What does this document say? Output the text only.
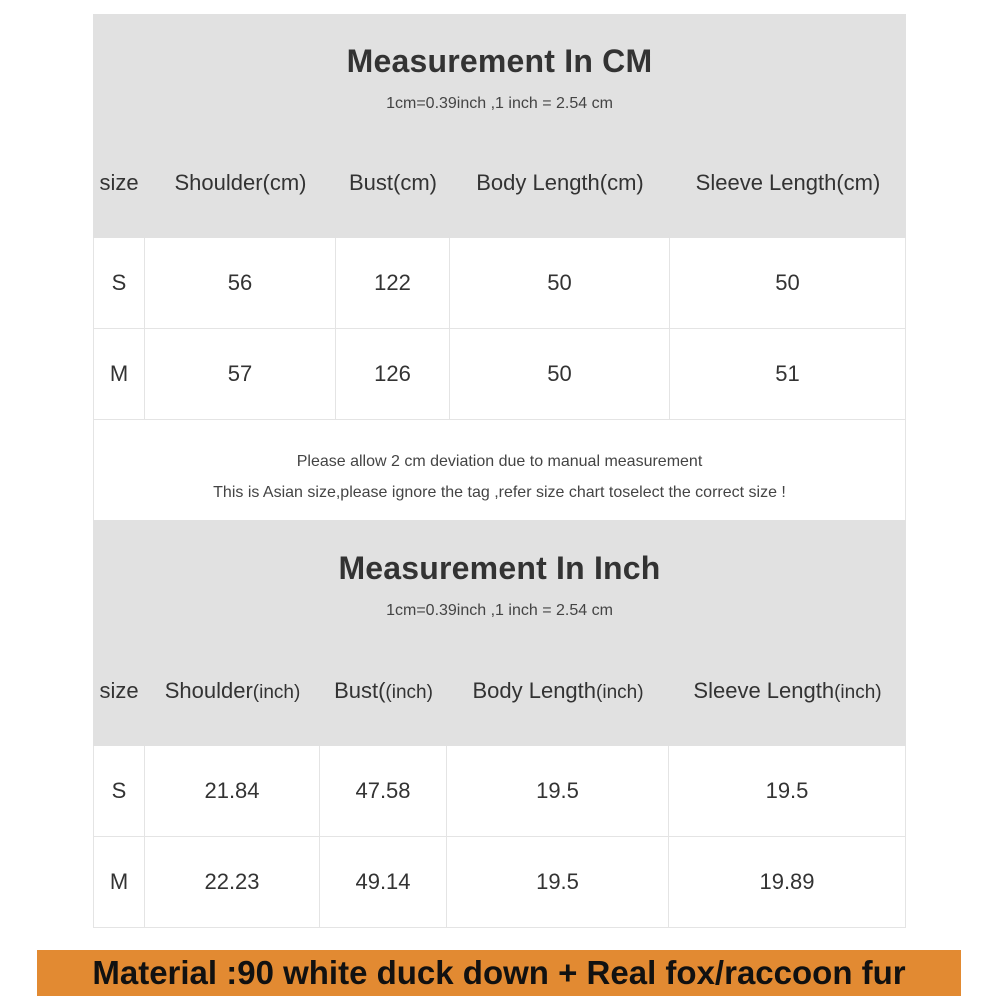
Measurement In CM
1cm=0.39inch ,1 inch = 2.54 cm
size	Shoulder(cm)	Bust(cm)	Body Length(cm)	Sleeve Length(cm)
S	56	122	50	50
M	57	126	50	51
Please allow 2 cm deviation due to manual measurement
This is Asian size,please ignore the tag ,refer size chart toselect the correct size !
Measurement In Inch
1cm=0.39inch ,1 inch = 2.54 cm
size	Shoulder(inch)	Bust((inch)	Body Length(inch)	Sleeve Length(inch)
S	21.84	47.58	19.5	19.5
M	22.23	49.14	19.5	19.89
Material :90 white duck down + Real fox/raccoon fur
